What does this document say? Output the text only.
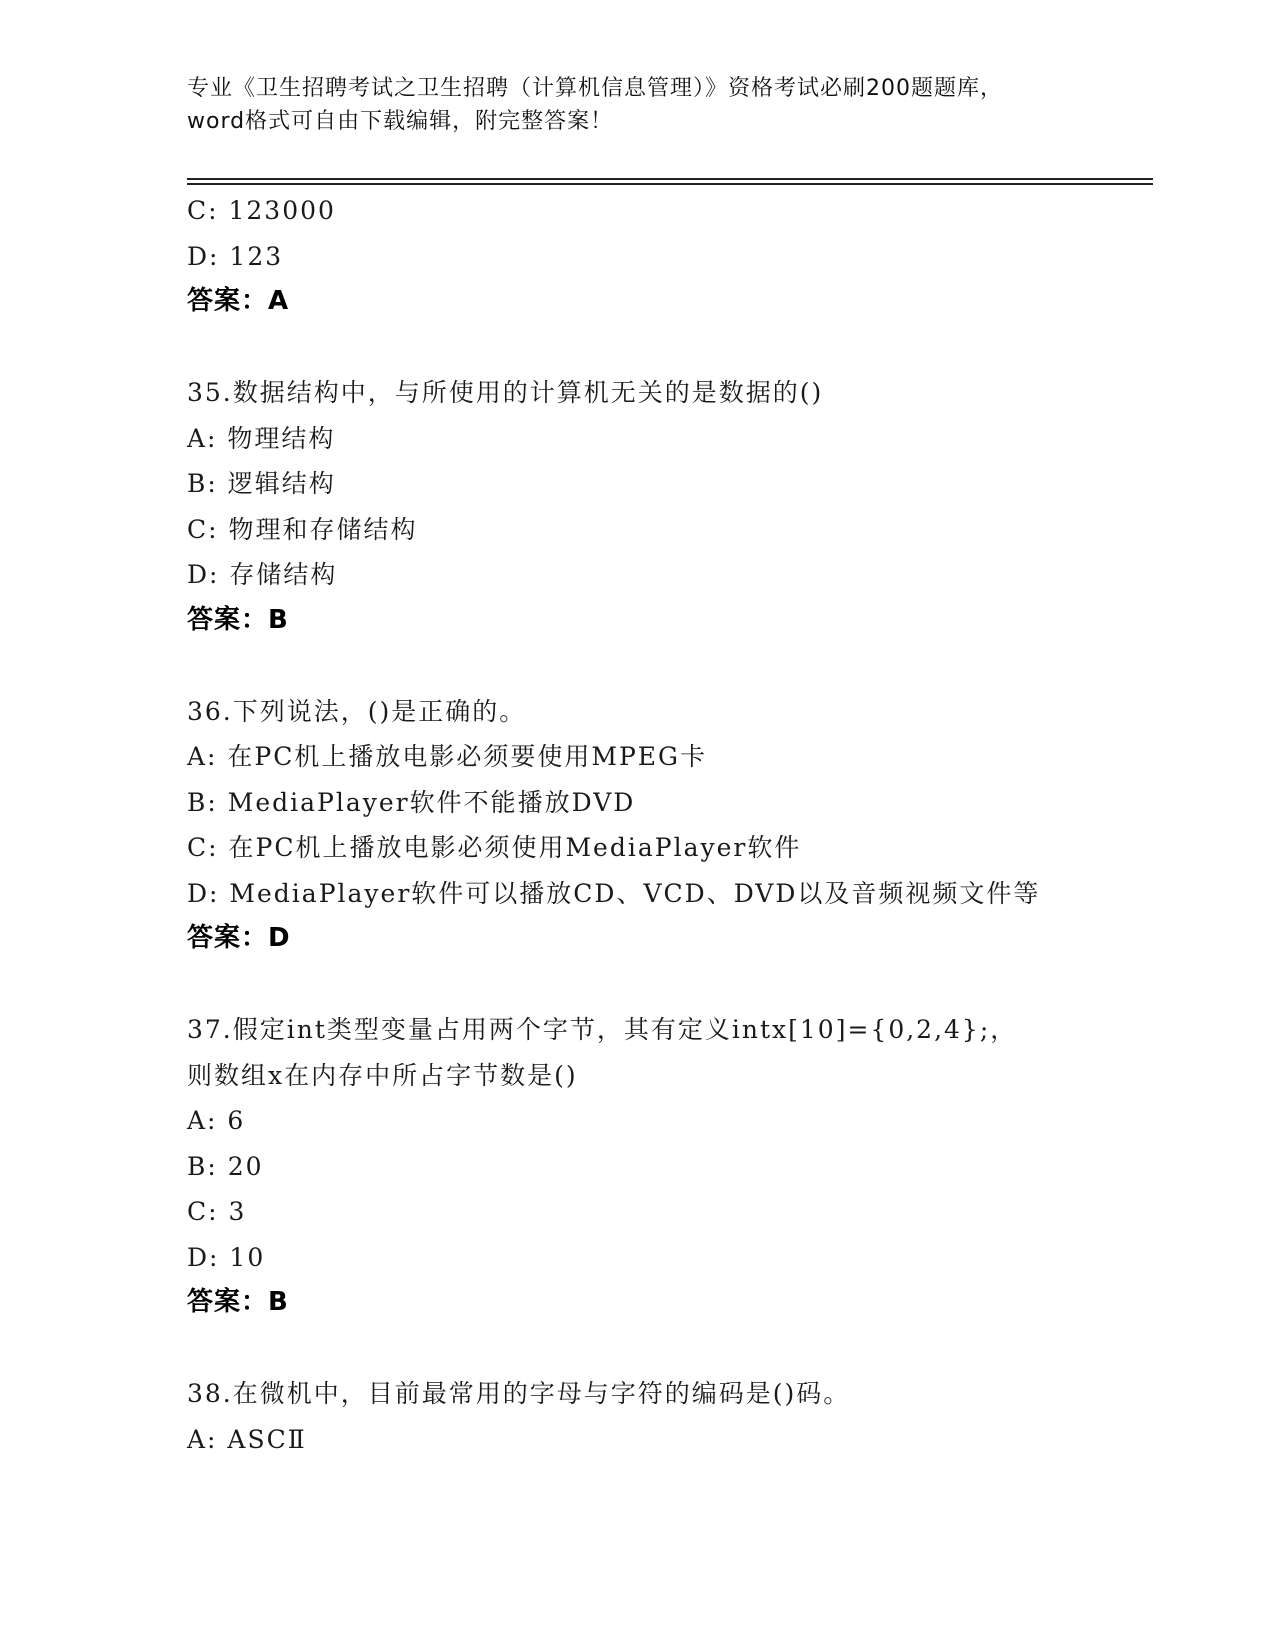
专业《卫生招聘考试之卫生招聘（计算机信息管理）》资格考试必刷200题题库，
word格式可自由下载编辑，附完整答案！
C: 123000
D: 123
答案：A
35.数据结构中，与所使用的计算机无关的是数据的()
A: 物理结构
B: 逻辑结构
C: 物理和存储结构
D: 存储结构
答案：B
36.下列说法，()是正确的。
A: 在PC机上播放电影必须要使用MPEG卡
B: MediaPlayer软件不能播放DVD
C: 在PC机上播放电影必须使用MediaPlayer软件
D: MediaPlayer软件可以播放CD、VCD、DVD以及音频视频文件等
答案：D
37.假定int类型变量占用两个字节，其有定义intx[10]={0,2,4};，
则数组x在内存中所占字节数是()
A: 6
B: 20
C: 3
D: 10
答案：B
38.在微机中，目前最常用的字母与字符的编码是()码。
A: ASCⅡ
